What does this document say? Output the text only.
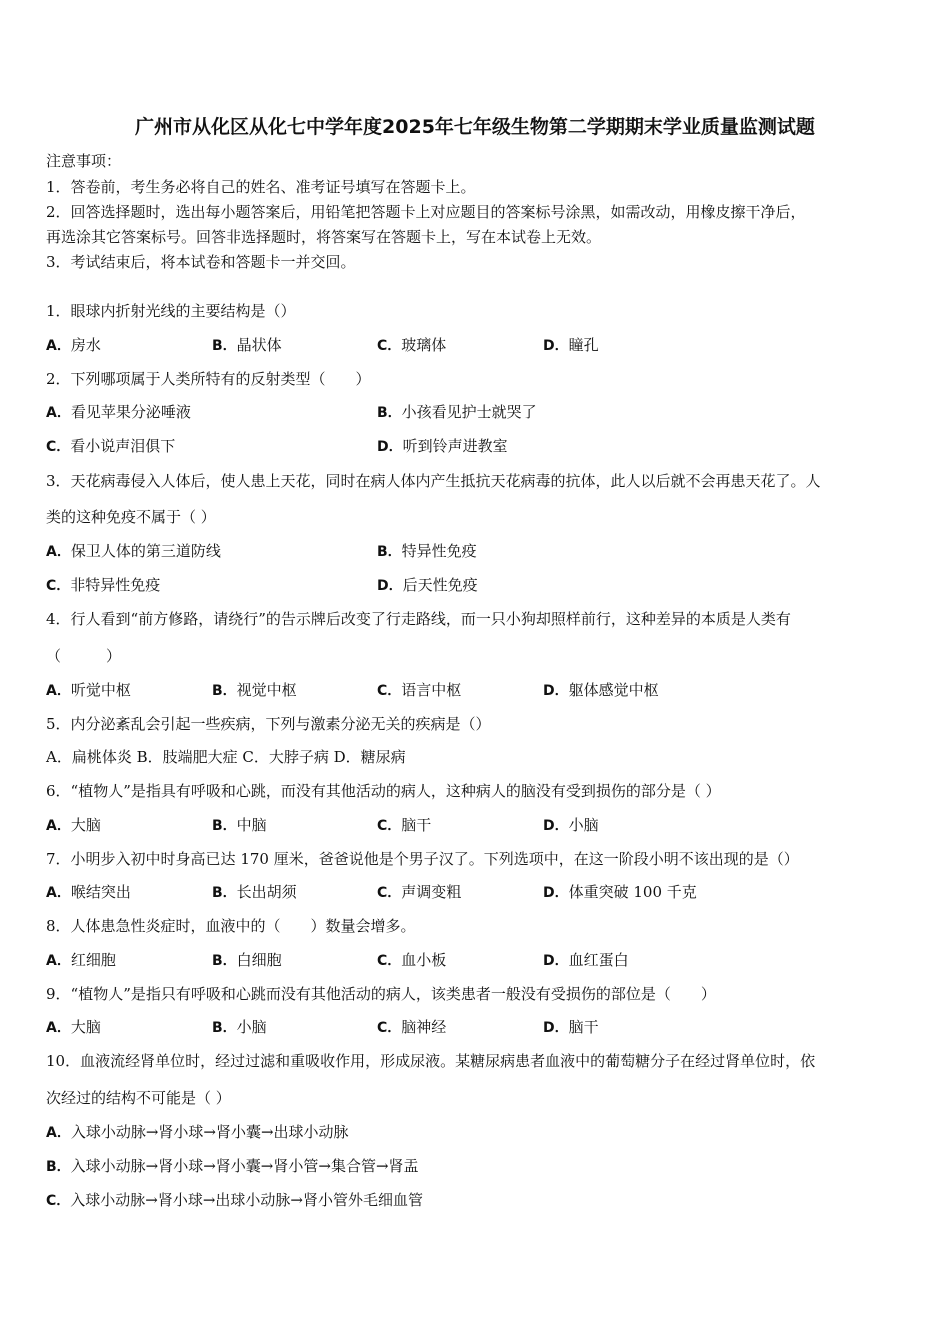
广州市从化区从化七中学年度2025年七年级生物第二学期期末学业质量监测试题
注意事项：
1．答卷前，考生务必将自己的姓名、准考证号填写在答题卡上。
2．回答选择题时，选出每小题答案后，用铅笔把答题卡上对应题目的答案标号涂黑，如需改动，用橡皮擦干净后，
再选涂其它答案标号。回答非选择题时，将答案写在答题卡上，写在本试卷上无效。
3．考试结束后，将本试卷和答题卡一并交回。
1．眼球内折射光线的主要结构是（）
A．房水	B．晶状体	C．玻璃体	D．瞳孔
2．下列哪项属于人类所特有的反射类型（　　）
A．看见苹果分泌唾液	B．小孩看见护士就哭了
C．看小说声泪俱下	D．听到铃声进教室
3．天花病毒侵入人体后，使人患上天花，同时在病人体内产生抵抗天花病毒的抗体，此人以后就不会再患天花了。人
类的这种免疫不属于（ ）
A．保卫人体的第三道防线	B．特异性免疫
C．非特异性免疫	D．后天性免疫
4．行人看到“前方修路，请绕行”的告示牌后改变了行走路线，而一只小狗却照样前行，这种差异的本质是人类有
（　　　）
A．听觉中枢	B．视觉中枢	C．语言中枢	D．躯体感觉中枢
5．内分泌紊乱会引起一些疾病，下列与激素分泌无关的疾病是（）
A．扁桃体炎 B．肢端肥大症 C．大脖子病 D．糖尿病
6．“植物人”是指具有呼吸和心跳，而没有其他活动的病人，这种病人的脑没有受到损伤的部分是（ ）
A．大脑	B．中脑	C．脑干	D．小脑
7．小明步入初中时身高已达 170 厘米，爸爸说他是个男子汉了。下列选项中，在这一阶段小明不该出现的是（）
A．喉结突出	B．长出胡须	C．声调变粗	D．体重突破 100 千克
8．人体患急性炎症时，血液中的（　　）数量会增多。
A．红细胞	B．白细胞	C．血小板	D．血红蛋白
9．“植物人”是指只有呼吸和心跳而没有其他活动的病人，该类患者一般没有受损伤的部位是（　　）
A．大脑	B．小脑	C．脑神经	D．脑干
10．血液流经肾单位时，经过过滤和重吸收作用，形成尿液。某糖尿病患者血液中的葡萄糖分子在经过肾单位时，依
次经过的结构不可能是（ ）
A．入球小动脉→肾小球→肾小囊→出球小动脉
B．入球小动脉→肾小球→肾小囊→肾小管→集合管→肾盂
C．入球小动脉→肾小球→出球小动脉→肾小管外毛细血管
